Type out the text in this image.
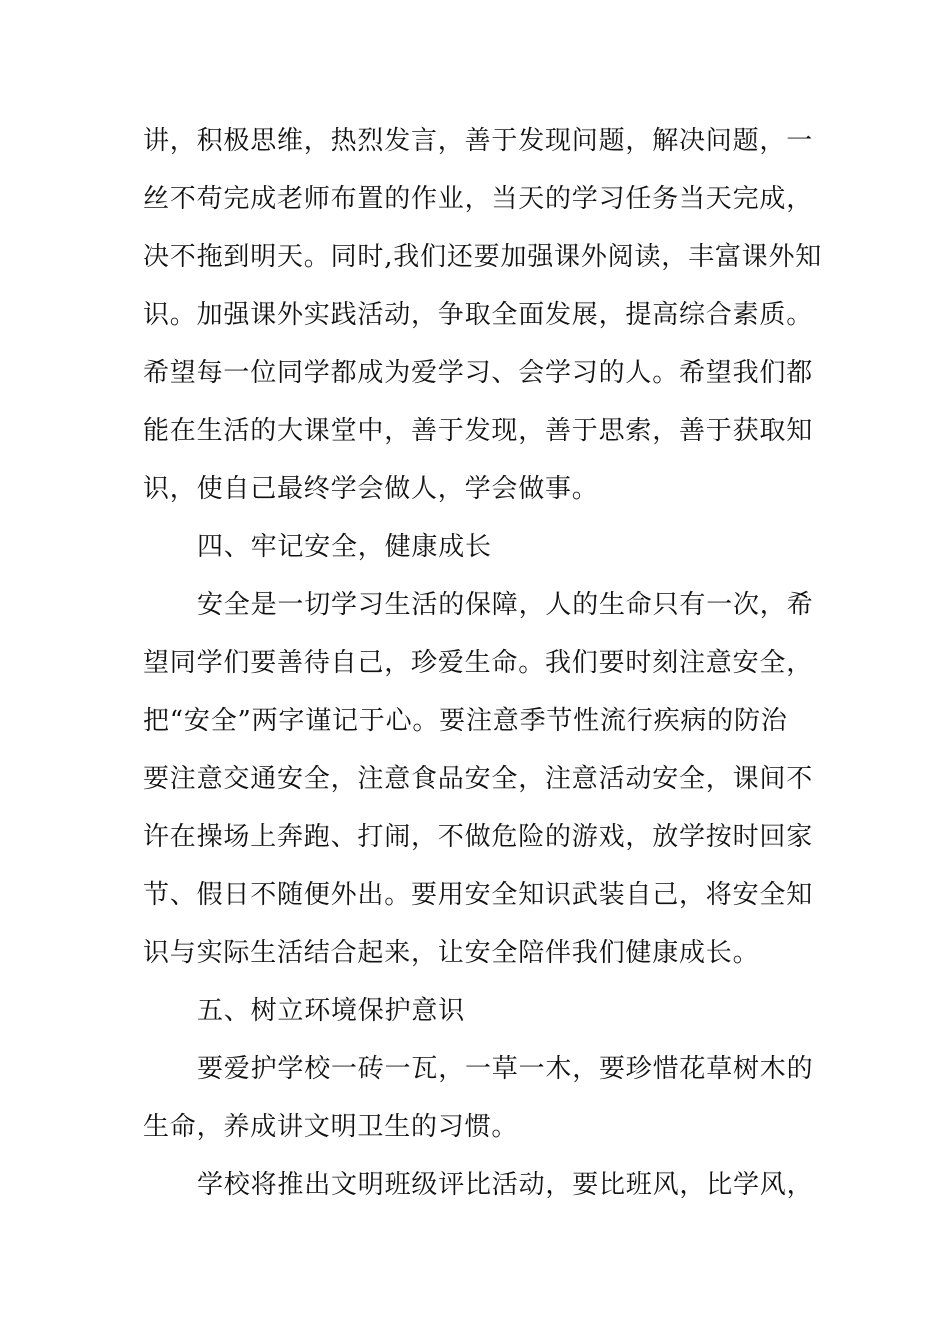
讲，积极思维，热烈发言，善于发现问题，解决问题，一
丝不苟完成老师布置的作业，当天的学习任务当天完成，
决不拖到明天。同时,我们还要加强课外阅读，丰富课外知
识。加强课外实践活动，争取全面发展，提高综合素质。
希望每一位同学都成为爱学习、会学习的人。希望我们都
能在生活的大课堂中，善于发现，善于思索，善于获取知
识，使自己最终学会做人，学会做事。
四、牢记安全，健康成长
安全是一切学习生活的保障，人的生命只有一次，希
望同学们要善待自己，珍爱生命。我们要时刻注意安全，
把“安全”两字谨记于心。要注意季节性流行疾病的防治
要注意交通安全，注意食品安全，注意活动安全，课间不
许在操场上奔跑、打闹，不做危险的游戏，放学按时回家
节、假日不随便外出。要用安全知识武装自己，将安全知
识与实际生活结合起来，让安全陪伴我们健康成长。
五、树立环境保护意识
要爱护学校一砖一瓦，一草一木，要珍惜花草树木的
生命，养成讲文明卫生的习惯。
学校将推出文明班级评比活动，要比班风，比学风，
